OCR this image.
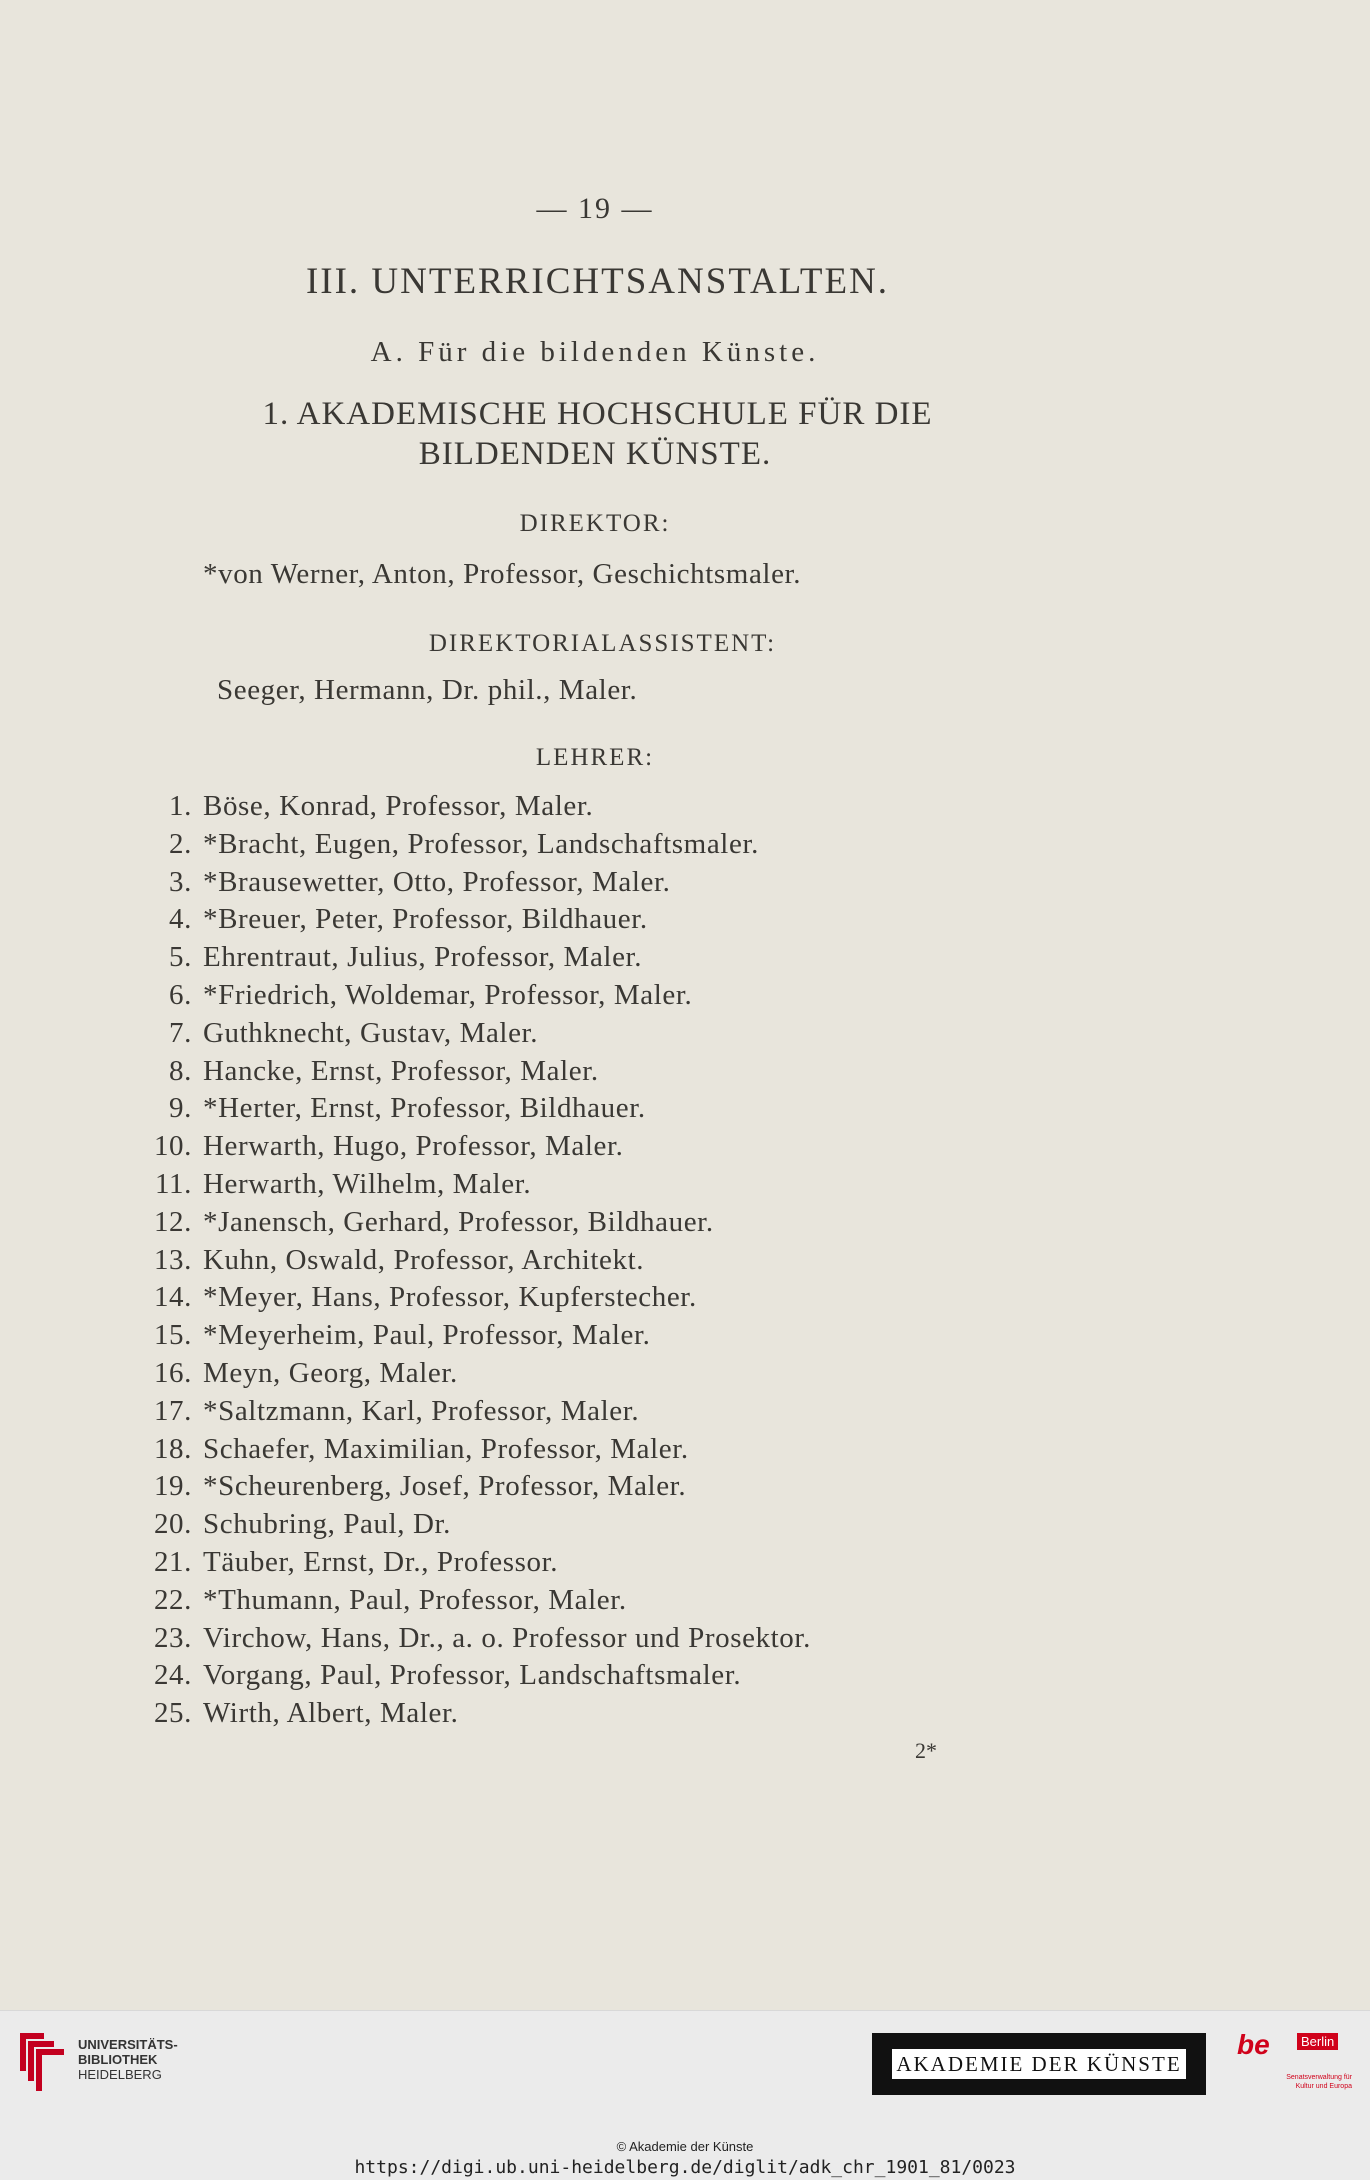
— 19 —
III. UNTERRICHTSANSTALTEN.
A. Für die bildenden Künste.
1. AKADEMISCHE HOCHSCHULE FÜR DIE
BILDENDEN KÜNSTE.
DIREKTOR:
*von Werner, Anton, Professor, Geschichtsmaler.
DIREKTORIALASSISTENT:
Seeger, Hermann, Dr. phil., Maler.
LEHRER:
1. Böse, Konrad, Professor, Maler.
2. *Bracht, Eugen, Professor, Landschaftsmaler.
3. *Brausewetter, Otto, Professor, Maler.
4. *Breuer, Peter, Professor, Bildhauer.
5. Ehrentraut, Julius, Professor, Maler.
6. *Friedrich, Woldemar, Professor, Maler.
7. Guthknecht, Gustav, Maler.
8. Hancke, Ernst, Professor, Maler.
9. *Herter, Ernst, Professor, Bildhauer.
10. Herwarth, Hugo, Professor, Maler.
11. Herwarth, Wilhelm, Maler.
12. *Janensch, Gerhard, Professor, Bildhauer.
13. Kuhn, Oswald, Professor, Architekt.
14. *Meyer, Hans, Professor, Kupferstecher.
15. *Meyerheim, Paul, Professor, Maler.
16. Meyn, Georg, Maler.
17. *Saltzmann, Karl, Professor, Maler.
18. Schaefer, Maximilian, Professor, Maler.
19. *Scheurenberg, Josef, Professor, Maler.
20. Schubring, Paul, Dr.
21. Täuber, Ernst, Dr., Professor.
22. *Thumann, Paul, Professor, Maler.
23. Virchow, Hans, Dr., a. o. Professor und Prosektor.
24. Vorgang, Paul, Professor, Landschaftsmaler.
25. Wirth, Albert, Maler.
2*
UNIVERSITÄTS-
BIBLIOTHEK
HEIDELBERG	AKADEMIE DER KÜNSTE
be	Berlin
Senatsverwaltung für Kultur und Europa
© Akademie der Künste
https://digi.ub.uni-heidelberg.de/diglit/adk_chr_1901_81/0023
